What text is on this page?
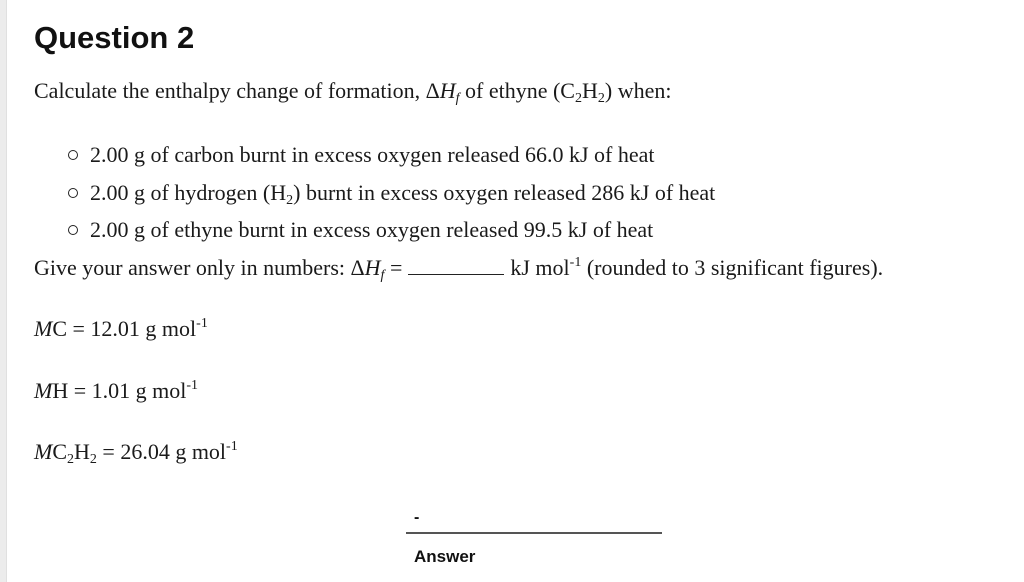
Question 2
Calculate the enthalpy change of formation, $\Delta H_f$ of ethyne $(C_2H_2)$ when:
2.00 g of carbon burnt in excess oxygen released 66.0 kJ of heat
2.00 g of hydrogen $(H_2)$ burnt in excess oxygen released 286 kJ of heat
2.00 g of ethyne burnt in excess oxygen released 99.5 kJ of heat
Give your answer only in numbers: $\Delta H_f$ =	kJ mol$^{-1}$ (rounded to 3 significant figures).
MC = 12.01 g mol$^{-1}$
MH = 1.01 g mol$^{-1}$
$MC_2H_2 = 26.04$ g mol$^{-1}$
-
Answer
